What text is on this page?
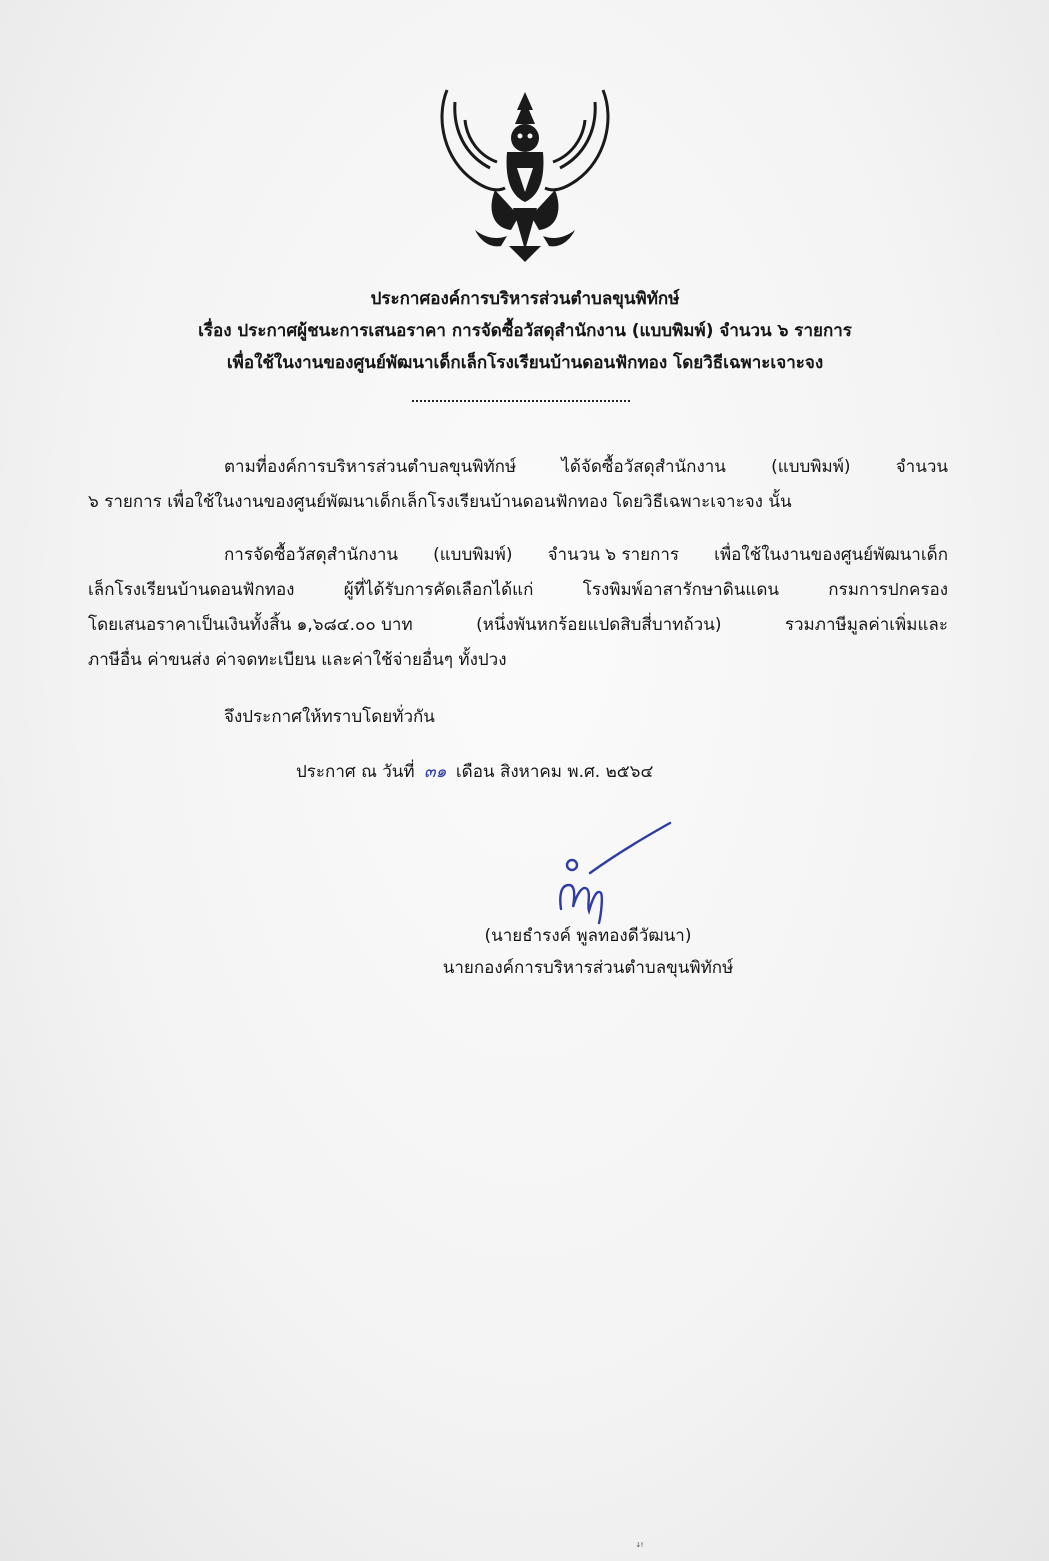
ประกาศองค์การบริหารส่วนตำบลขุนพิทักษ์
เรื่อง ประกาศผู้ชนะการเสนอราคา การจัดซื้อวัสดุสำนักงาน (แบบพิมพ์) จำนวน ๖ รายการ
เพื่อใช้ในงานของศูนย์พัฒนาเด็กเล็กโรงเรียนบ้านดอนฟักทอง โดยวิธีเฉพาะเจาะจง
ตามที่องค์การบริหารส่วนตำบลขุนพิทักษ์	ได้จัดซื้อวัสดุสำนักงาน	(แบบพิมพ์)	จำนวน
๖ รายการ เพื่อใช้ในงานของศูนย์พัฒนาเด็กเล็กโรงเรียนบ้านดอนฟักทอง โดยวิธีเฉพาะเจาะจง นั้น
การจัดซื้อวัสดุสำนักงาน (แบบพิมพ์) จำนวน ๖ รายการ เพื่อใช้ในงานของศูนย์พัฒนาเด็ก
เล็กโรงเรียนบ้านดอนฟักทอง	ผู้ที่ได้รับการคัดเลือกได้แก่	โรงพิมพ์อาสารักษาดินแดน	กรมการปกครอง
โดยเสนอราคาเป็นเงินทั้งสิ้น ๑,๖๘๔.๐๐ บาท	(หนึ่งพันหกร้อยแปดสิบสี่บาทถ้วน)	รวมภาษีมูลค่าเพิ่มและ
ภาษีอื่น ค่าขนส่ง ค่าจดทะเบียน และค่าใช้จ่ายอื่นๆ ทั้งปวง
จึงประกาศให้ทราบโดยทั่วกัน
ประกาศ ณ วันที่ ๓๑ เดือน สิงหาคม พ.ศ. ๒๕๖๔
(นายธำรงค์ พูลทองดีวัฒนา)
นายกองค์การบริหารส่วนตำบลขุนพิทักษ์
ꜜꜝ
